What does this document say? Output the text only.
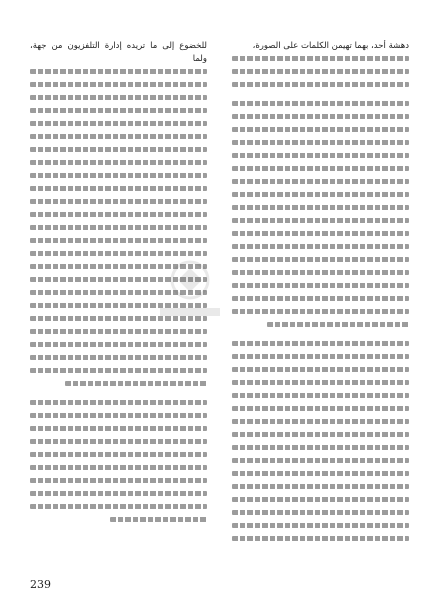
دهشة أحد، بهما تهيمن الكلمات على الصورة،
للخضوع إلى ما تريده إدارة التلفزيون من جهة، ولما
239
